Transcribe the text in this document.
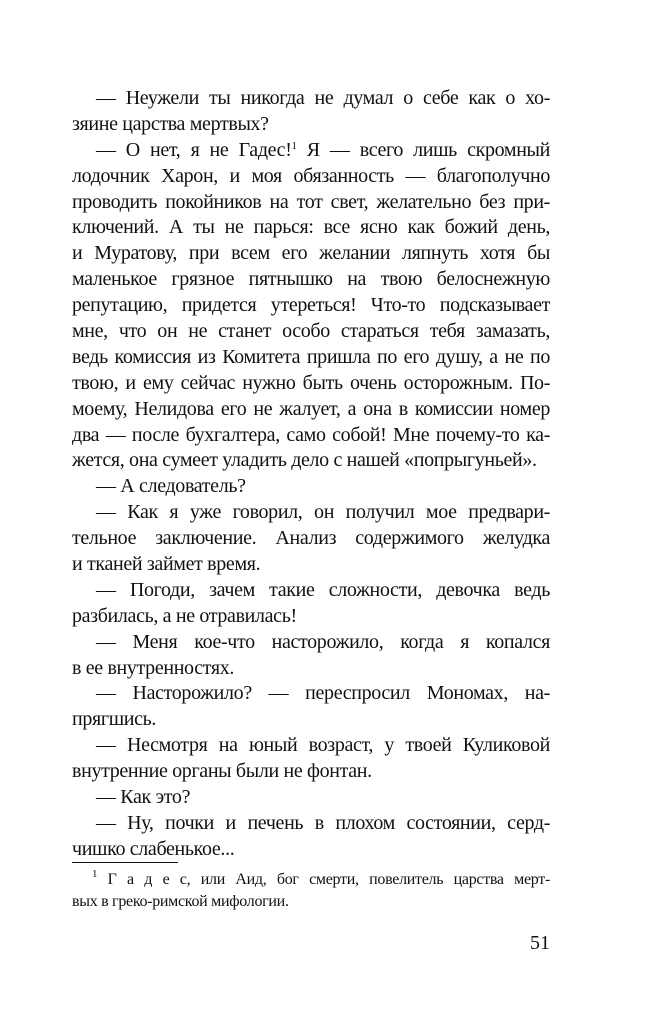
— Неужели ты никогда не думал о себе как о хо-
зяине царства мертвых?
— О нет, я не Гадес!$^1$ Я — всего лишь скромный
лодочник Харон, и моя обязанность — благополучно
проводить покойников на тот свет, желательно без при-
ключений. А ты не парься: все ясно как божий день,
и Муратову, при всем его желании ляпнуть хотя бы
маленькое грязное пятнышко на твою белоснежную
репутацию, придется утереться! Что-то подсказывает
мне, что он не станет особо стараться тебя замазать,
ведь комиссия из Комитета пришла по его душу, а не по
твою, и ему сейчас нужно быть очень осторожным. По-
моему, Нелидова его не жалует, а она в комиссии номер
два — после бухгалтера, само собой! Мне почему-то ка-
жется, она сумеет уладить дело с нашей «попрыгуньей».
— А следователь?
— Как я уже говорил, он получил мое предвари-
тельное заключение. Анализ содержимого желудка
и тканей займет время.
— Погоди, зачем такие сложности, девочка ведь
разбилась, а не отравилась!
— Меня кое-что насторожило, когда я копался
в ее внутренностях.
— Насторожило? — переспросил Мономах, на-
прягшись.
— Несмотря на юный возраст, у твоей Куликовой
внутренние органы были не фонтан.
— Как это?
— Ну, почки и печень в плохом состоянии, серд-
чишко слабенькое...
$^1$ Г а д е с, или Аид, бог смерти, повелитель царства мерт-
вых в греко-римской мифологии.
51
